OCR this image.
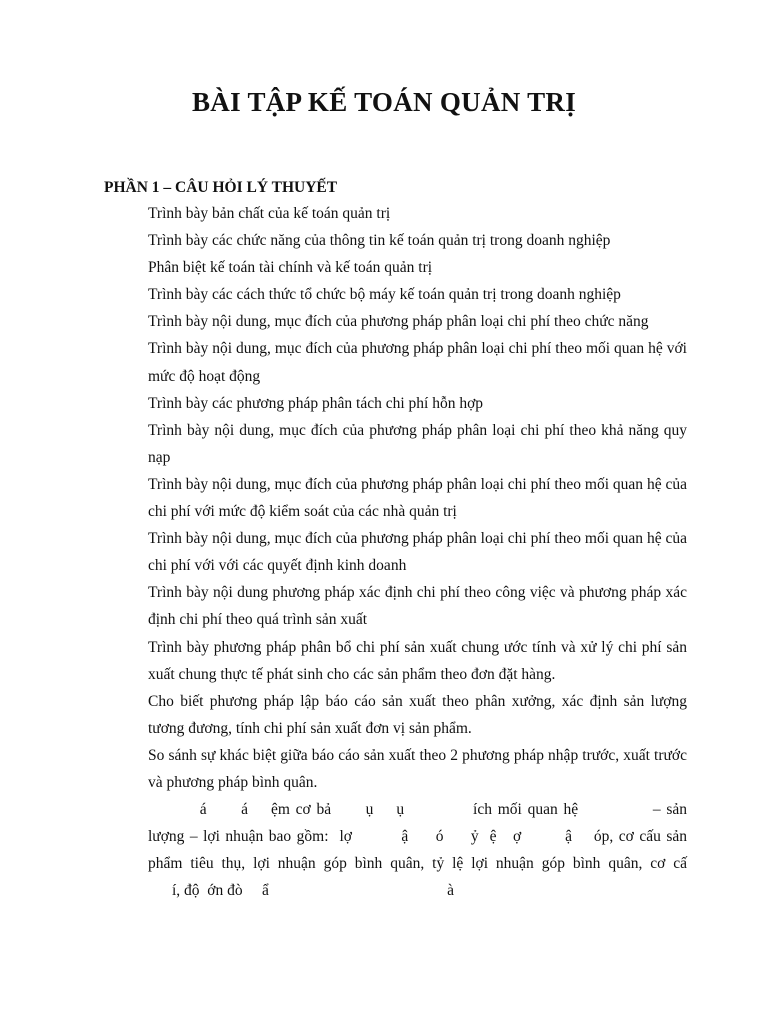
BÀI TẬP KẾ TOÁN QUẢN TRỊ
PHẦN 1 – CÂU HỎI LÝ THUYẾT
Trình bày bản chất của kế toán quản trị
Trình bày các chức năng của thông tin kế toán quản trị trong doanh nghiệp
Phân biệt kế toán tài chính và kế toán quản trị
Trình bày các cách thức tổ chức bộ máy kế toán quản trị trong doanh nghiệp
Trình bày nội dung, mục đích của phương pháp phân loại chi phí theo chức năng
Trình bày nội dung, mục đích của phương pháp phân loại chi phí theo mối quan hệ với mức độ hoạt động
Trình bày các phương pháp phân tách chi phí hỗn hợp
Trình bày nội dung, mục đích của phương pháp phân loại chi phí theo khả năng quy nạp
Trình bày nội dung, mục đích của phương pháp phân loại chi phí theo mối quan hệ của chi phí với mức độ kiểm soát của các nhà quản trị
Trình bày nội dung, mục đích của phương pháp phân loại chi phí theo mối quan hệ của chi phí với với các quyết định kinh doanh
Trình bày nội dung phương pháp xác định chi phí theo công việc và phương pháp xác định chi phí theo quá trình sản xuất
Trình bày phương pháp phân bổ chi phí sản xuất chung ước tính và xử lý chi phí sản xuất chung thực tế phát sinh cho các sản phẩm theo đơn đặt hàng.
Cho biết phương pháp lập báo cáo sản xuất theo phân xưởng, xác định sản lượng tương đương, tính chi phí sản xuất đơn vị sản phẩm.
So sánh sự khác biệt giữa báo cáo sản xuất theo 2 phương pháp nhập trước, xuất trước và phương pháp bình quân.
á      á    ệm cơ bả      ụ    ụ            ích mối quan hệ             – sản
lượng – lợi nhuận bao gồm:  lợ         ậ     ó     ỷ  ệ   ợ        ậ    óp, cơ cấu sản
phẩm tiêu thụ, lợi nhuận góp bình quân, tỷ lệ lợi nhuận góp bình quân, cơ cấ
í, độ  ớn đò     ẩ                                              à
